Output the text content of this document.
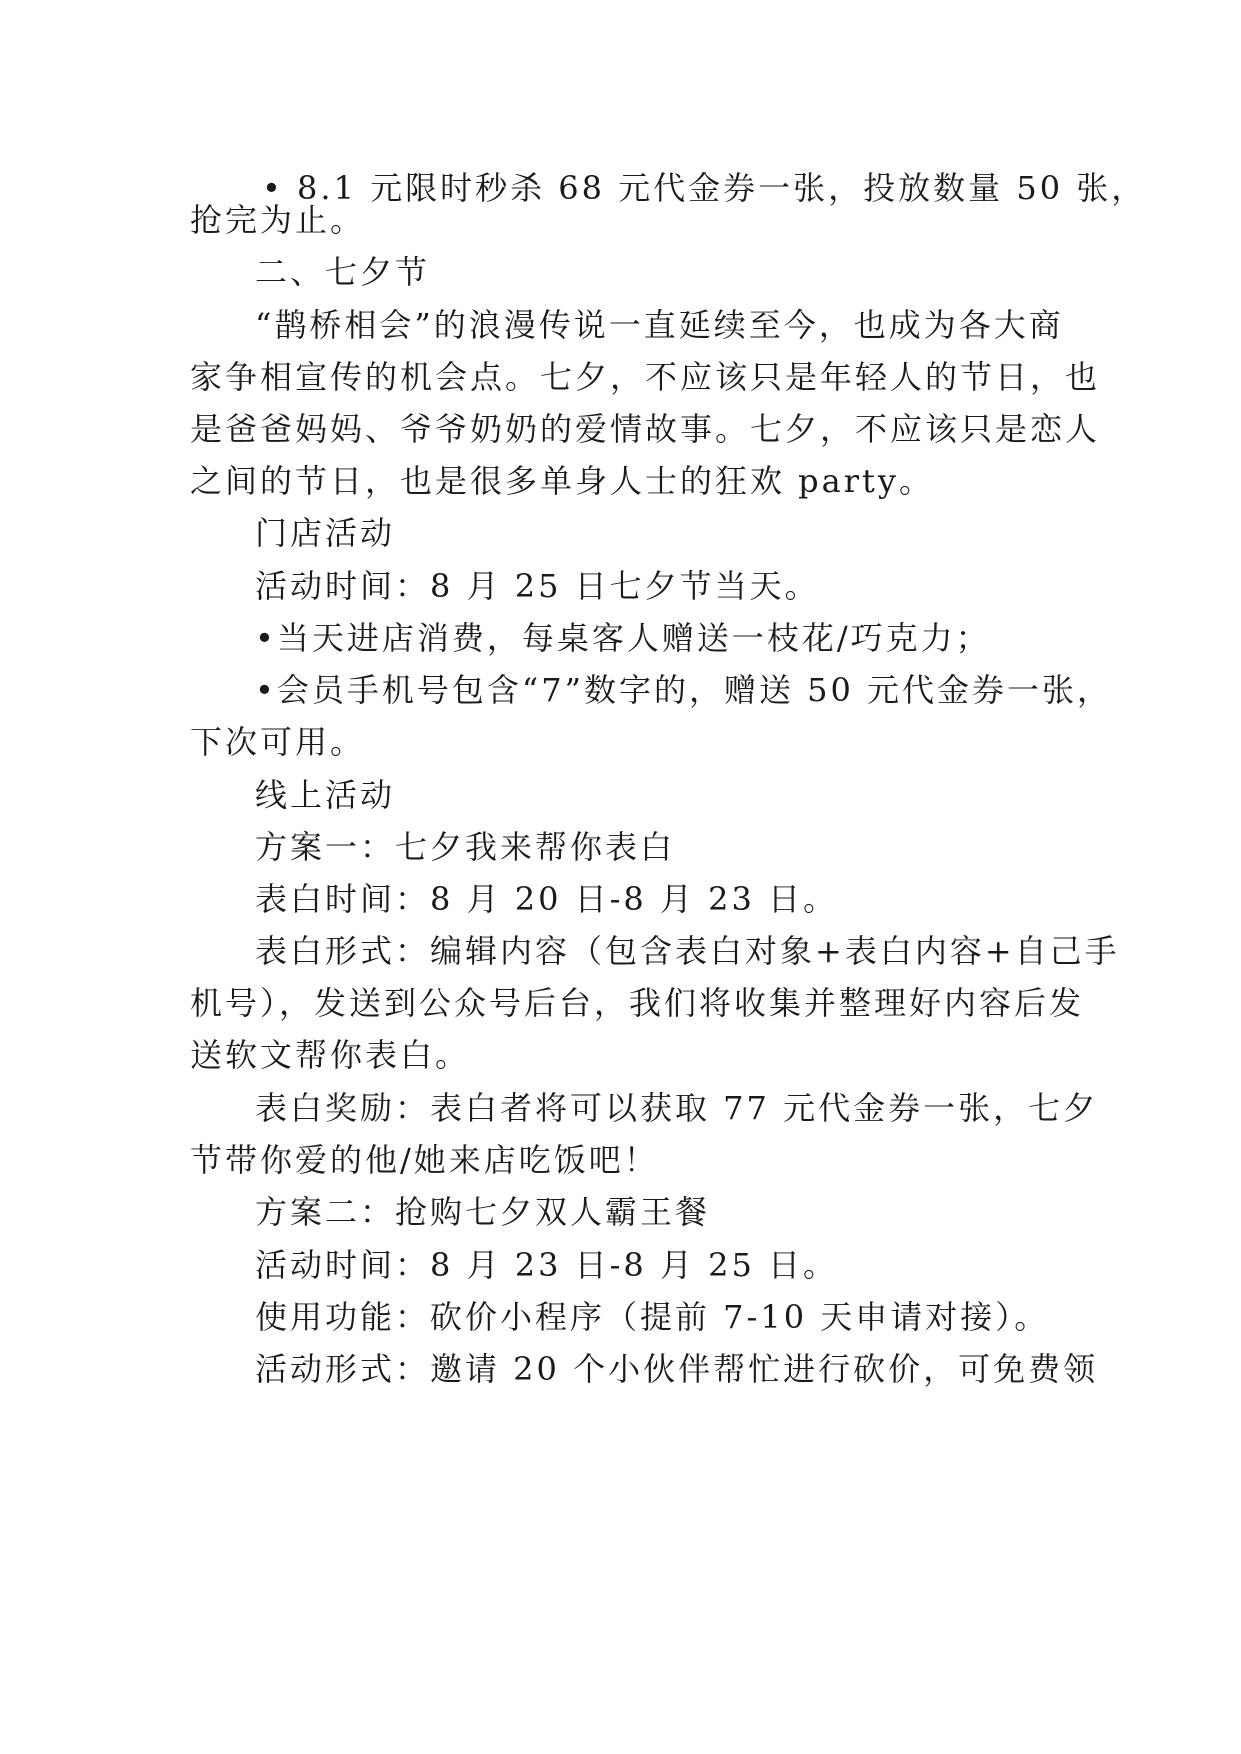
• 8.1 元限时秒杀 68 元代金券一张，投放数量 50 张，
抢完为止。
二、七夕节
“鹊桥相会”的浪漫传说一直延续至今，也成为各大商
家争相宣传的机会点。七夕，不应该只是年轻人的节日，也
是爸爸妈妈、爷爷奶奶的爱情故事。七夕，不应该只是恋人
之间的节日，也是很多单身人士的狂欢 party。
门店活动
活动时间：8 月 25 日七夕节当天。
•当天进店消费，每桌客人赠送一枝花/巧克力；
•会员手机号包含“7”数字的，赠送 50 元代金券一张，
下次可用。
线上活动
方案一：七夕我来帮你表白
表白时间：8 月 20 日-8 月 23 日。
表白形式：编辑内容（包含表白对象+表白内容+自己手
机号），发送到公众号后台，我们将收集并整理好内容后发
送软文帮你表白。
表白奖励：表白者将可以获取 77 元代金券一张，七夕
节带你爱的他/她来店吃饭吧！
方案二：抢购七夕双人霸王餐
活动时间：8 月 23 日-8 月 25 日。
使用功能：砍价小程序（提前 7-10 天申请对接）。
活动形式：邀请 20 个小伙伴帮忙进行砍价，可免费领
